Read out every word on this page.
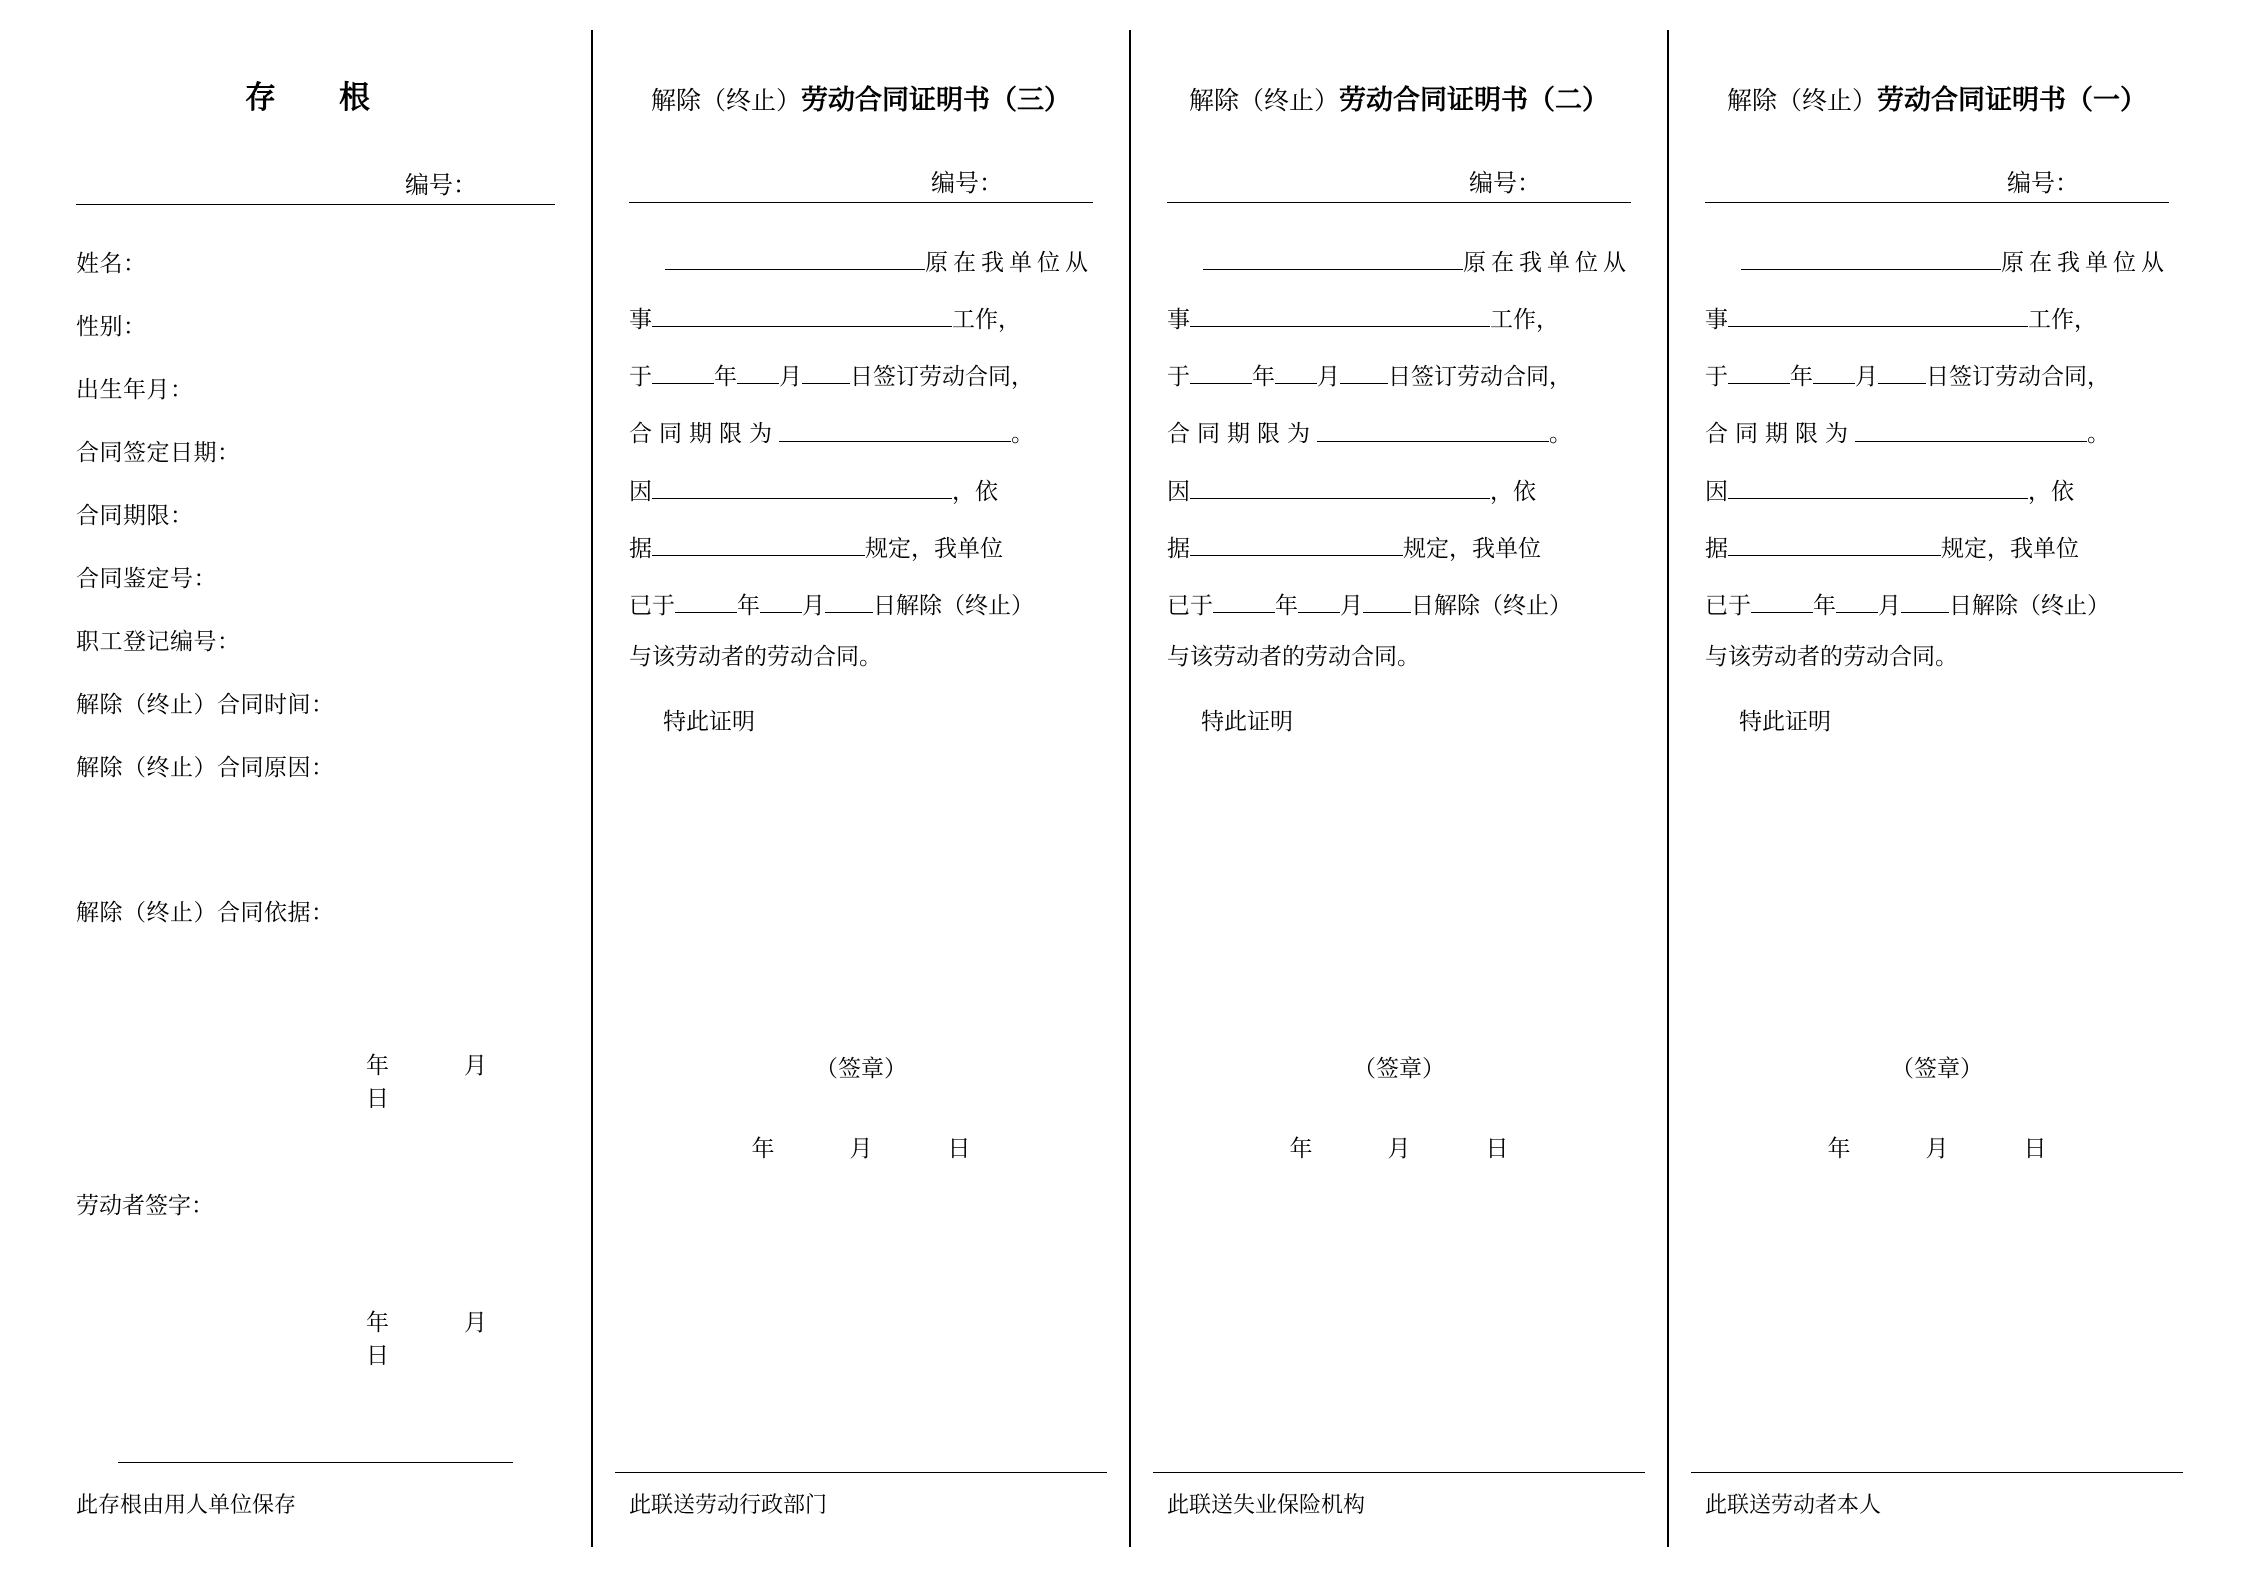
存　根
编号：
姓名：
性别：
出生年月：
合同签定日期：
合同期限：
合同鉴定号：
职工登记编号：
解除（终止）合同时间：
解除（终止）合同原因：
解除（终止）合同依据：
年　月　日
劳动者签字：
年　月　日
此存根由用人单位保存
解除（终止）劳动合同证明书（三）
编号：
原在我单位从
事	工作，
于	年 月 日签订劳动合同，
合同期限为	。
因	，依
据	规定，我单位
已于	年 月 日解除（终止）
与该劳动者的劳动合同。
特此证明
（签章）
年　月　日
此联送劳动行政部门
解除（终止）劳动合同证明书（二）
编号：
原在我单位从
事	工作，
于	年 月 日签订劳动合同，
合同期限为	。
因	，依
据	规定，我单位
已于	年 月 日解除（终止）
与该劳动者的劳动合同。
特此证明
（签章）
年　月　日
此联送失业保险机构
解除（终止）劳动合同证明书（一）
编号：
原在我单位从
事	工作，
于	年 月 日签订劳动合同，
合同期限为	。
因	，依
据	规定，我单位
已于	年 月 日解除（终止）
与该劳动者的劳动合同。
特此证明
（签章）
年　月　日
此联送劳动者本人
